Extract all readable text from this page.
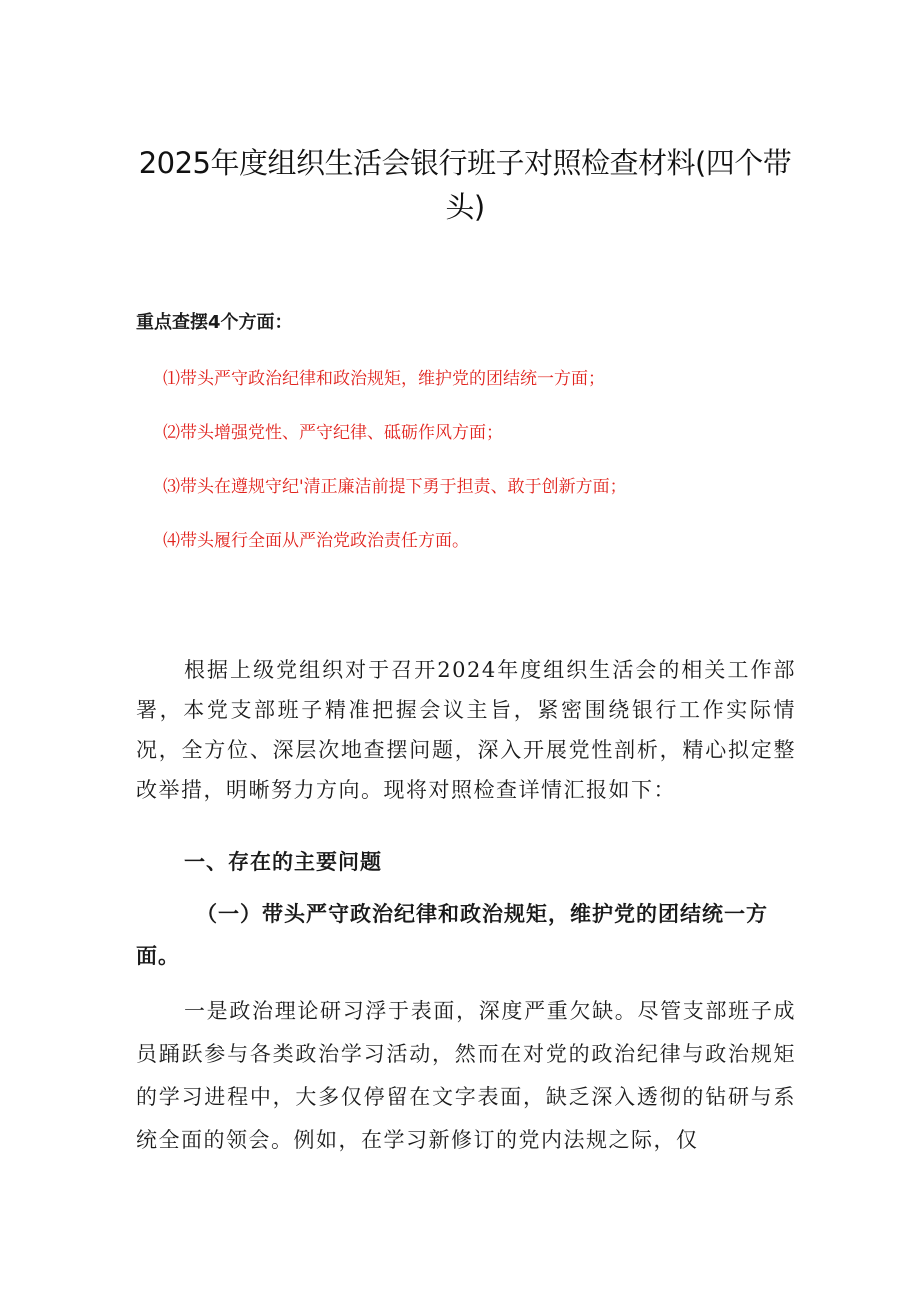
2025年度组织生活会银行班子对照检查材料(四个带头)
重点查摆4个方面：
⑴带头严守政治纪律和政治规矩，维护党的团结统一方面；
⑵带头增强党性、严守纪律、砥砺作风方面；
⑶带头在遵规守纪'清正廉洁前提下勇于担责、敢于创新方面；
⑷带头履行全面从严治党政治责任方面。

根据上级党组织对于召开2024年度组织生活会的相关工作部署，本党支部班子精准把握会议主旨，紧密围绕银行工作实际情况，全方位、深层次地查摆问题，深入开展党性剖析，精心拟定整改举措，明晰努力方向。现将对照检查详情汇报如下：

一、存在的主要问题

（一）带头严守政治纪律和政治规矩，维护党的团结统一方面。

一是政治理论研习浮于表面，深度严重欠缺。尽管支部班子成员踊跃参与各类政治学习活动，然而在对党的政治纪律与政治规矩的学习进程中，大多仅停留在文字表面，缺乏深入透彻的钻研与系统全面的领会。例如，在学习新修订的党内法规之际，仅
